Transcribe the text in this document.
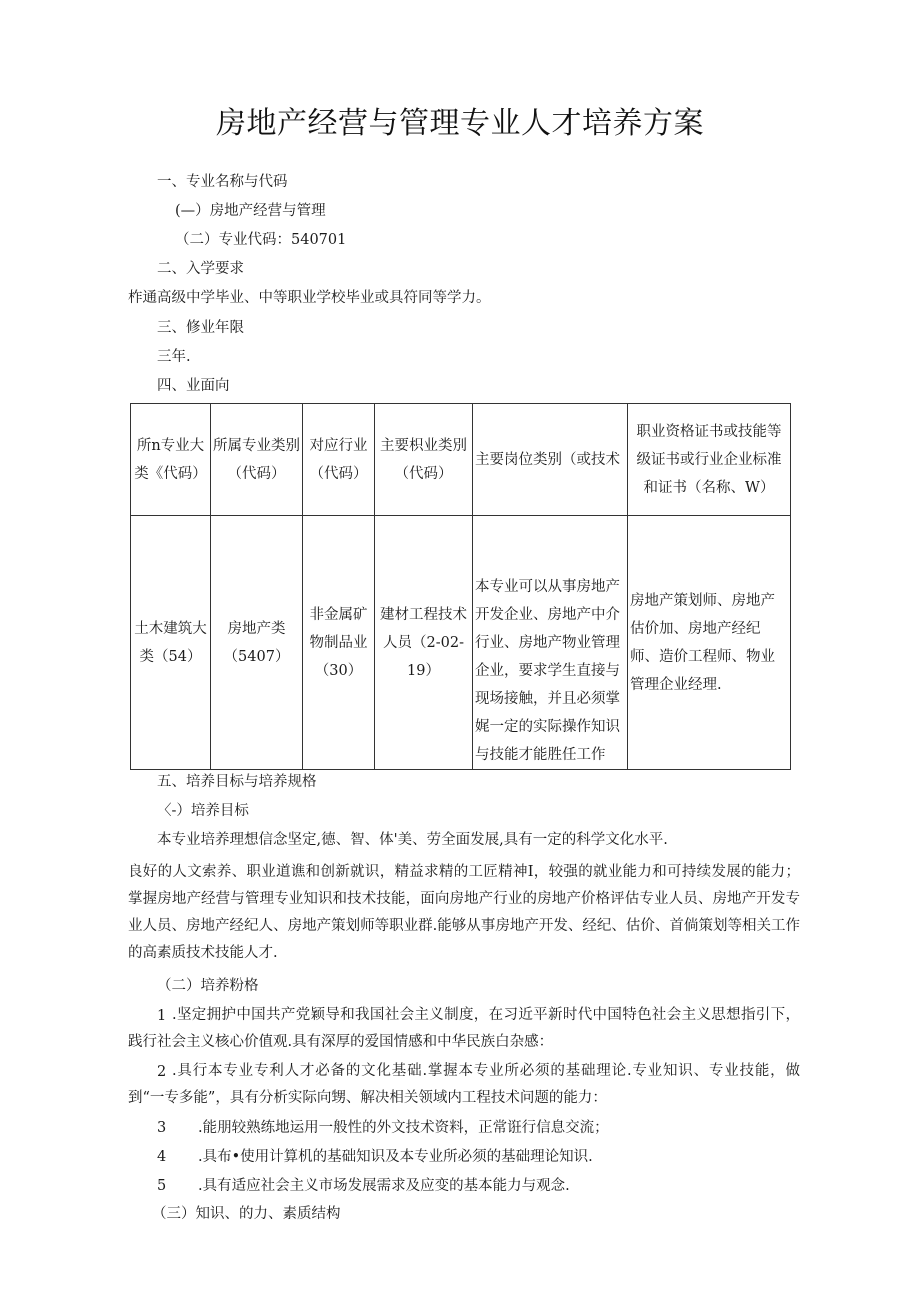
房地产经营与管理专业人才培养方案
一、专业名称与代码
(—）房地产经营与管理
（二）专业代码：540701
二、入学要求
柞通高级中学毕业、中等职业学校毕业或具符同等学力。
三、修业年限
三年.
四、业面向
所n专业大类《代码）	所属专业类别（代码）	对应行业（代码）	主要枳业类別（代码）	主要岗位类别（或技术	职业资格证书或技能等级证书或行业企业标准和证书（名称、W）
土木建筑大类（54）	房地产类（5407）	非金属矿物制品业（30）	建材工程技术人员（2-02-19）	本专业可以从事房地产开发企业、房地产中介行业、房地产物业管理企业，要求学生直接与现场接触，并且必须掌娓一定的实际操作知识与技能才能胜任工作	房地产策划师、房地产估价加、房地产经纪师、造价工程师、物业管理企业经理.
五、培养目标与培养规格
〈-）培养目标
本专业培养理想信念坚定,德、智、体'美、劳全面发展,具有一定的科学文化水平.
良好的人文索养、职业道谯和创新就识，精益求精的工匠精神I，较强的就业能力和可持续发展的能力；掌握房地产经营与管理专业知识和技术技能，面向房地产行业的房地产价格评估专业人员、房地产开发专业人员、房地产经纪人、房地产策划师等职业群.能够从事房地产开发、经纪、估价、首倘策划等相关工作的高素质技术技能人才.
（二）培养粉格
1 .坚定拥护中国共产党颖导和我国社会主义制度，在习近平新时代中国特色社会主义思想指引下，践行社会主义核心价值观.具有深厚的爱国情感和中华民族白杂感：
2 .具行本专业专利人才必备的文化基础.掌握本专业所必须的基础理论.专业知识、专业技能，做到“一专多能”，具有分析实际向甥、解决相关领域内工程技术问题的能力：
3 .能朋较熟练地运用一般性的外文技术资料，正常诳行信息交流；
4 .具布•使用计算机的基础知识及本专业所必须的基础理论知识.
5 .具有适应社会主义市场发展需求及应变的基本能力与观念.
（三）知识、的力、素质结构
